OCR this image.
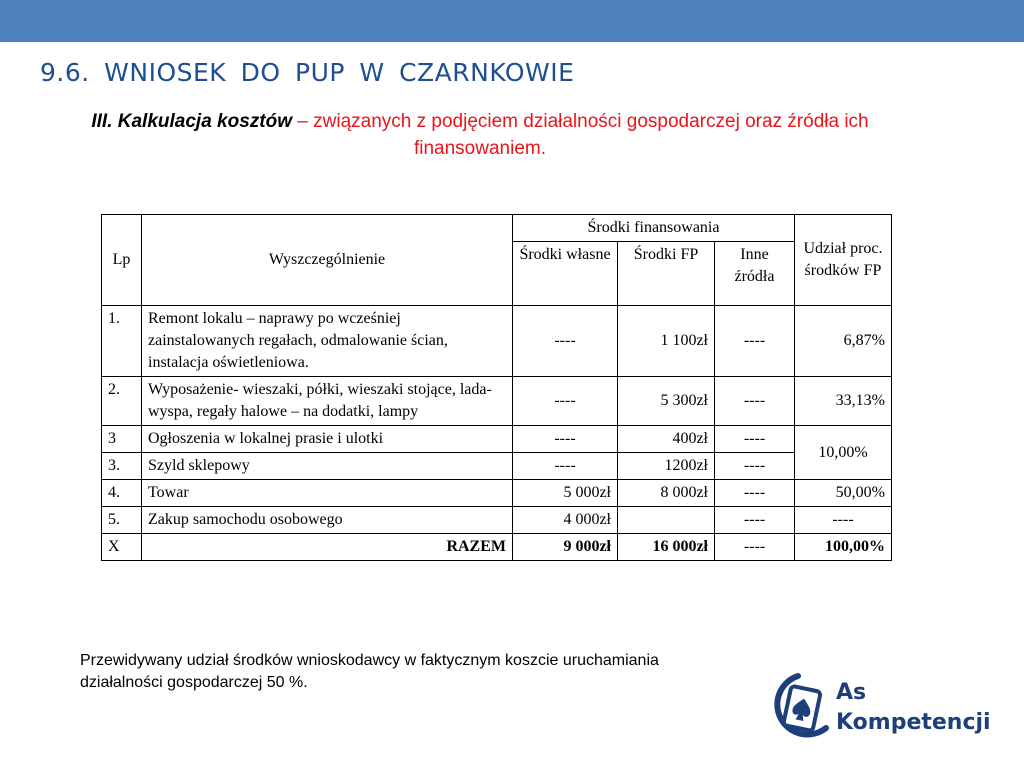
9.6. WNIOSEK DO PUP W CZARNKOWIE
III. Kalkulacja kosztów – związanych z podjęciem działalności gospodarczej oraz źródła ich finansowaniem.
Lp	Wyszczególnienie	Środki finansowania			Udział proc. środków FP
		Środki własne	Środki FP	Inne źródła	
1.	Remont lokalu – naprawy po wcześniej zainstalowanych regałach, odmalowanie ścian, instalacja oświetleniowa.	----	1 100zł	----	6,87%
2.	Wyposażenie- wieszaki, półki, wieszaki stojące, lada- wyspa, regały halowe – na dodatki, lampy	----	5 300zł	----	33,13%
3	Ogłoszenia w lokalnej prasie i ulotki	----	400zł	----	10,00%
3.	Szyld sklepowy	----	1200zł	----	
4.	Towar	5 000zł	8 000zł	----	50,00%
5.	Zakup samochodu osobowego	4 000zł		----	----
X	RAZEM	9 000zł	16 000zł	----	100,00%
Przewidywany udział środków wnioskodawcy w faktycznym koszcie uruchamiania działalności gospodarczej 50 %.	As
Kompetencji
